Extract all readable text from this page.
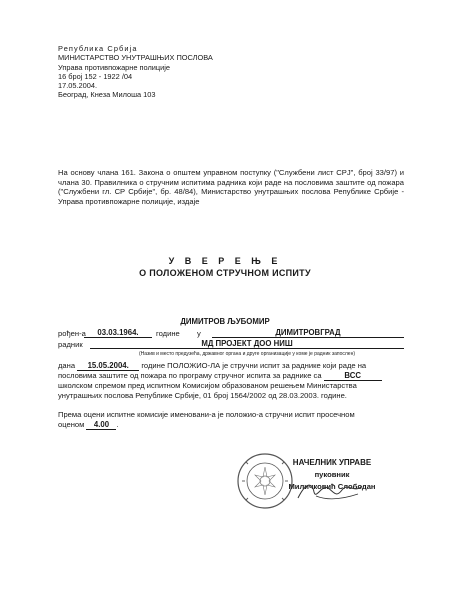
Република Србија
МИНИСТАРСТВО УНУТРАШЊИХ ПОСЛОВА
Управа противпожарне полиције
16 број 152 - 1922 /04
17.05.2004.
Београд, Кнеза Милоша 103
На основу члана 161. Закона о општем управном поступку ("Службени лист СРЈ", број 33/97) и члана 30. Правилника о стручним испитима радника који раде на пословима заштите од пожара ("Службени гл. СР Србије", бр. 48/84), Министарство унутрашњих послова Републике Србије - Управа противпожарне полиције, издаје
У В Е Р Е Њ Е
О ПОЛОЖЕНОМ СТРУЧНОМ ИСПИТУ
ДИМИТРОВ ЉУБОМИР
рођен-а	03.03.1964.	године у	ДИМИТРОВГРАД
радник	МД ПРОЈЕКТ ДОО НИШ
(Назив и место предузећа, државног органа и друге организације у коме је радник запослен)
дана 15.05.2004. године ПОЛОЖИО-ЛА је стручни испит за раднике који раде на
пословима заштите од пожара по програму стручног испита за раднике са	ВСС
школском спремом пред испитном Комисијом образованом решењем Министарства
унутрашњих послова Републике Србије, 01 број 1564/2002 од 28.03.2003. године.
Према оцени испитне комисије именовани-а је положио-а стручни испит просечном
оценом 4.00 .
НАЧЕЛНИК УПРАВЕ
пуковник
Миличковић Слободан
